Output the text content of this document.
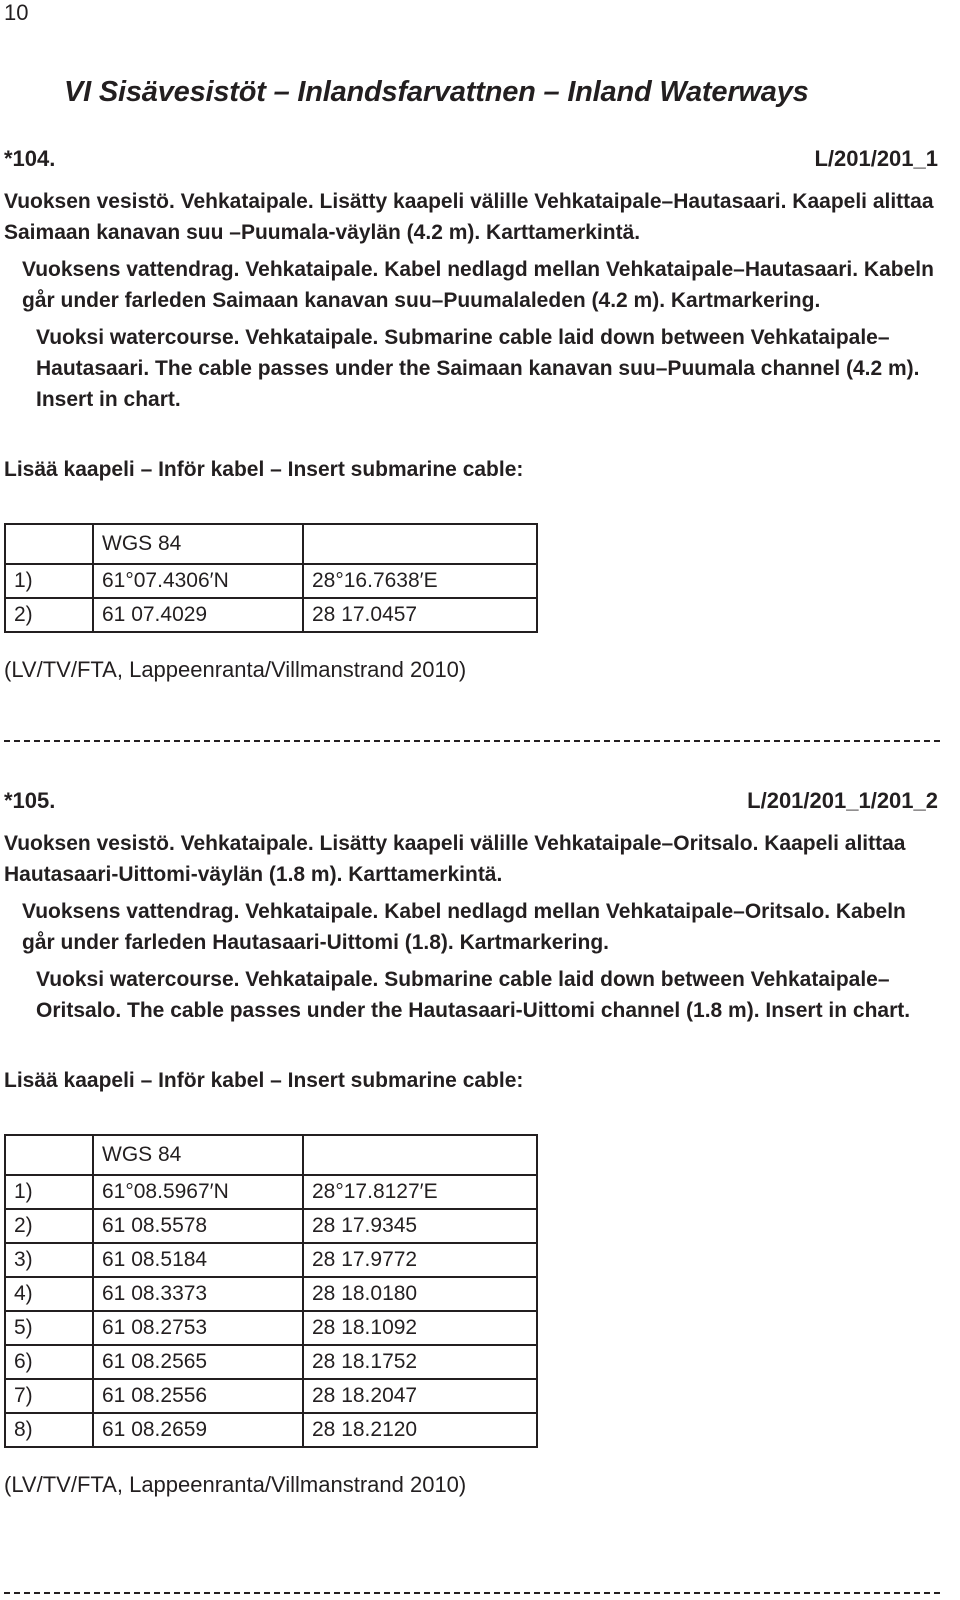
10
VI Sisävesistöt – Inlandsfarvattnen – Inland Waterways
*104.	L/201/201_1

Vuoksen vesistö. Vehkataipale. Lisätty kaapeli välille Vehkataipale–Hautasaari. Kaapeli alittaa Saimaan kanavan suu –Puumala-väylän (4.2 m). Karttamerkintä.

Vuoksens vattendrag. Vehkataipale. Kabel nedlagd mellan Vehkataipale–Hautasaari. Kabeln går under farleden Saimaan kanavan suu–Puumalaleden (4.2 m). Kartmarkering.

Vuoksi watercourse. Vehkataipale. Submarine cable laid down between Vehkataipale–Hautasaari. The cable passes under the Saimaan kanavan suu–Puumala channel (4.2 m). Insert in chart.

Lisää kaapeli – Inför kabel – Insert submarine cable:
	WGS 84	
1)	61°07.4306′N	28°16.7638′E
2)	61 07.4029	28 17.0457
(LV/TV/FTA, Lappeenranta/Villmanstrand 2010)
*105.	L/201/201_1/201_2

Vuoksen vesistö. Vehkataipale. Lisätty kaapeli välille Vehkataipale–Oritsalo. Kaapeli alittaa Hautasaari-Uittomi-väylän (1.8 m). Karttamerkintä.

Vuoksens vattendrag. Vehkataipale. Kabel nedlagd mellan Vehkataipale–Oritsalo. Kabeln går under farleden Hautasaari-Uittomi (1.8). Kartmarkering.

Vuoksi watercourse. Vehkataipale. Submarine cable laid down between Vehkataipale–Oritsalo. The cable passes under the Hautasaari-Uittomi channel (1.8 m). Insert in chart.

Lisää kaapeli – Inför kabel – Insert submarine cable:
	WGS 84	
1)	61°08.5967′N	28°17.8127′E
2)	61 08.5578	28 17.9345
3)	61 08.5184	28 17.9772
4)	61 08.3373	28 18.0180
5)	61 08.2753	28 18.1092
6)	61 08.2565	28 18.1752
7)	61 08.2556	28 18.2047
8)	61 08.2659	28 18.2120
(LV/TV/FTA, Lappeenranta/Villmanstrand 2010)
